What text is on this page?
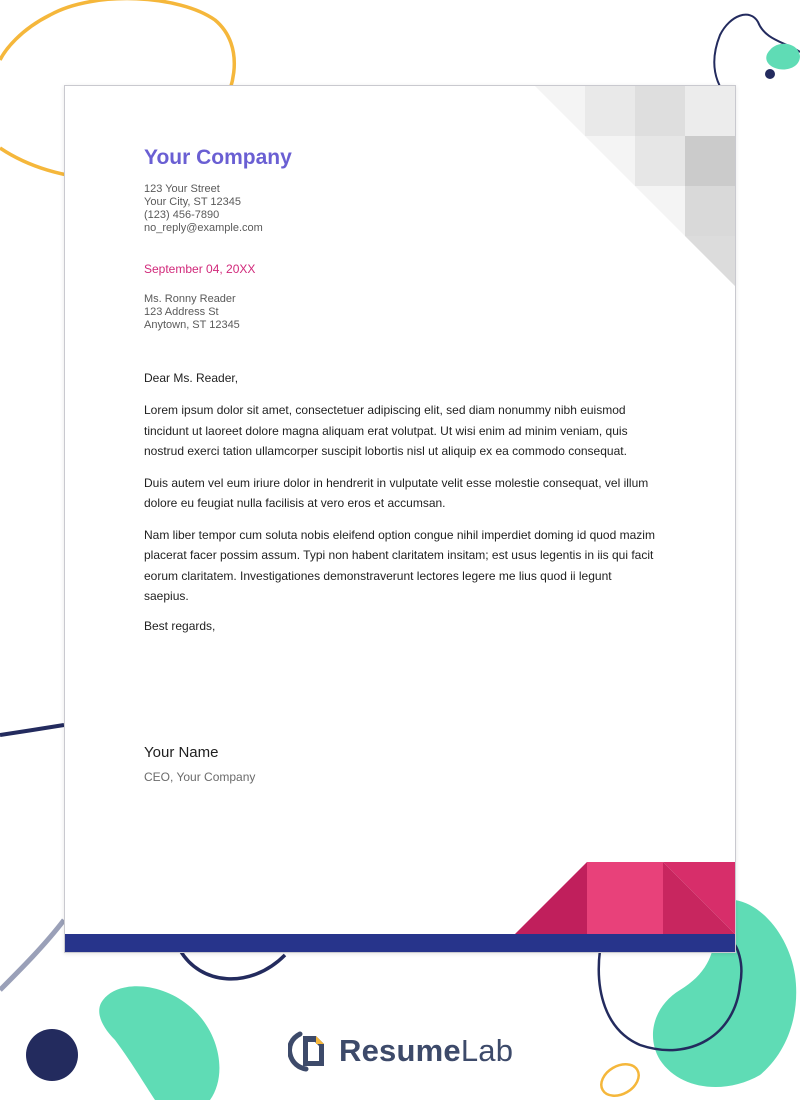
Your Company
123 Your Street
Your City, ST 12345
(123) 456-7890
no_reply@example.com
September 04, 20XX
Ms. Ronny Reader
123 Address St
Anytown, ST 12345
Dear Ms. Reader,

Lorem ipsum dolor sit amet, consectetuer adipiscing elit, sed diam nonummy nibh euismod tincidunt ut laoreet dolore magna aliquam erat volutpat. Ut wisi enim ad minim veniam, quis nostrud exerci tation ullamcorper suscipit lobortis nisl ut aliquip ex ea commodo consequat.

Duis autem vel eum iriure dolor in hendrerit in vulputate velit esse molestie consequat, vel illum dolore eu feugiat nulla facilisis at vero eros et accumsan.

Nam liber tempor cum soluta nobis eleifend option congue nihil imperdiet doming id quod mazim placerat facer possim assum. Typi non habent claritatem insitam; est usus legentis in iis qui facit eorum claritatem. Investigationes demonstraverunt lectores legere me lius quod ii legunt saepius.

Best regards,
Your Name
CEO, Your Company
ResumeLab
